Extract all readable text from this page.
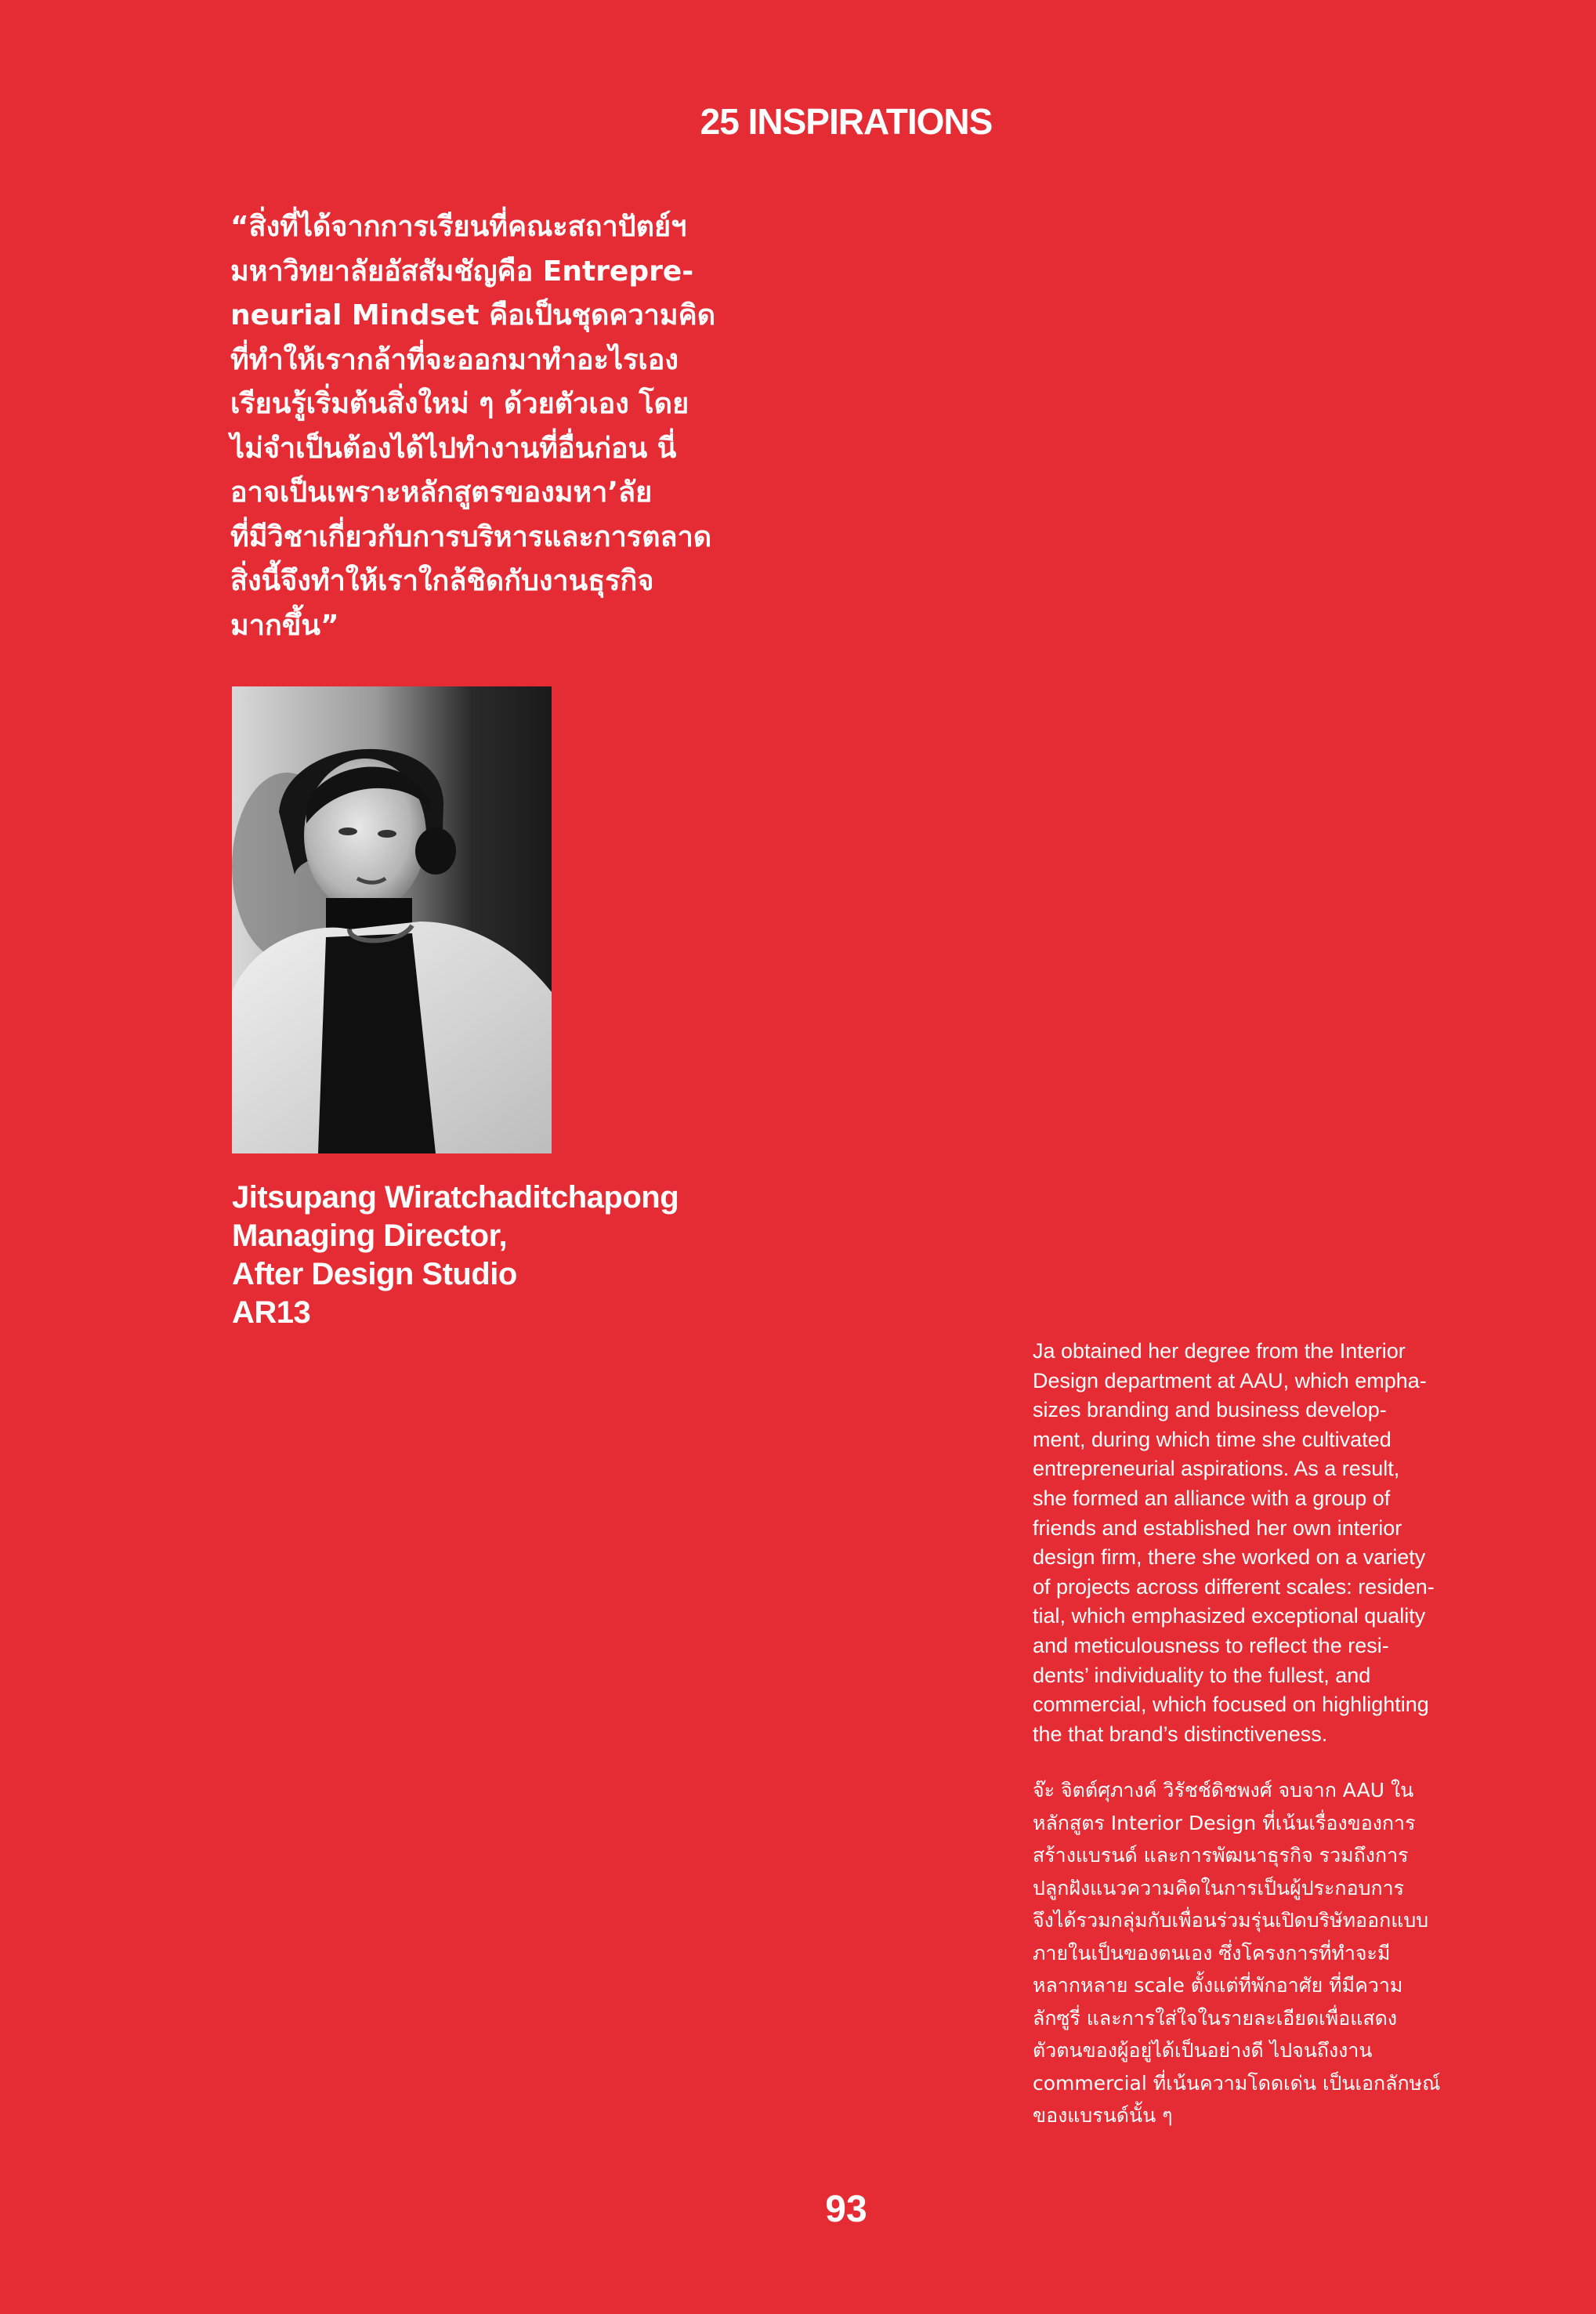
25 INSPIRATIONS
“สิ่งที่ได้จากการเรียนที่คณะสถาปัตย์ฯ
มหาวิทยาลัยอัสสัมชัญคือ Entrepre-
neurial Mindset คือเป็นชุดความคิด
ที่ทำให้เรากล้าที่จะออกมาทำอะไรเอง
เรียนรู้เริ่มต้นสิ่งใหม่ ๆ ด้วยตัวเอง โดย
ไม่จำเป็นต้องได้ไปทำงานที่อื่นก่อน นี่
อาจเป็นเพราะหลักสูตรของมหา’ลัย
ที่มีวิชาเกี่ยวกับการบริหารและการตลาด
สิ่งนี้จึงทำให้เราใกล้ชิดกับงานธุรกิจ
มากขึ้น”
Jitsupang Wiratchaditchapong
Managing Director,
After Design Studio
AR13
Ja obtained her degree from the Interior
Design department at AAU, which empha-
sizes branding and business develop-
ment, during which time she cultivated
entrepreneurial aspirations. As a result,
she formed an alliance with a group of
friends and established her own interior
design firm, there she worked on a variety
of projects across different scales: residen-
tial, which emphasized exceptional quality
and meticulousness to reflect the resi-
dents’ individuality to the fullest, and
commercial, which focused on highlighting
the that brand’s distinctiveness.
จ๊ะ จิตต์ศุภางค์ วิรัชช์ดิชพงศ์ จบจาก AAU ใน
หลักสูตร Interior Design ที่เน้นเรื่องของการ
สร้างแบรนด์ และการพัฒนาธุรกิจ รวมถึงการ
ปลูกฝังแนวความคิดในการเป็นผู้ประกอบการ
จึงได้รวมกลุ่มกับเพื่อนร่วมรุ่นเปิดบริษัทออกแบบ
ภายในเป็นของตนเอง ซึ่งโครงการที่ทำจะมี
หลากหลาย scale ตั้งแต่ที่พักอาศัย ที่มีความ
ลักซูรี่ และการใส่ใจในรายละเอียดเพื่อแสดง
ตัวตนของผู้อยู่ได้เป็นอย่างดี ไปจนถึงงาน
commercial ที่เน้นความโดดเด่น เป็นเอกลักษณ์
ของแบรนด์นั้น ๆ
93
